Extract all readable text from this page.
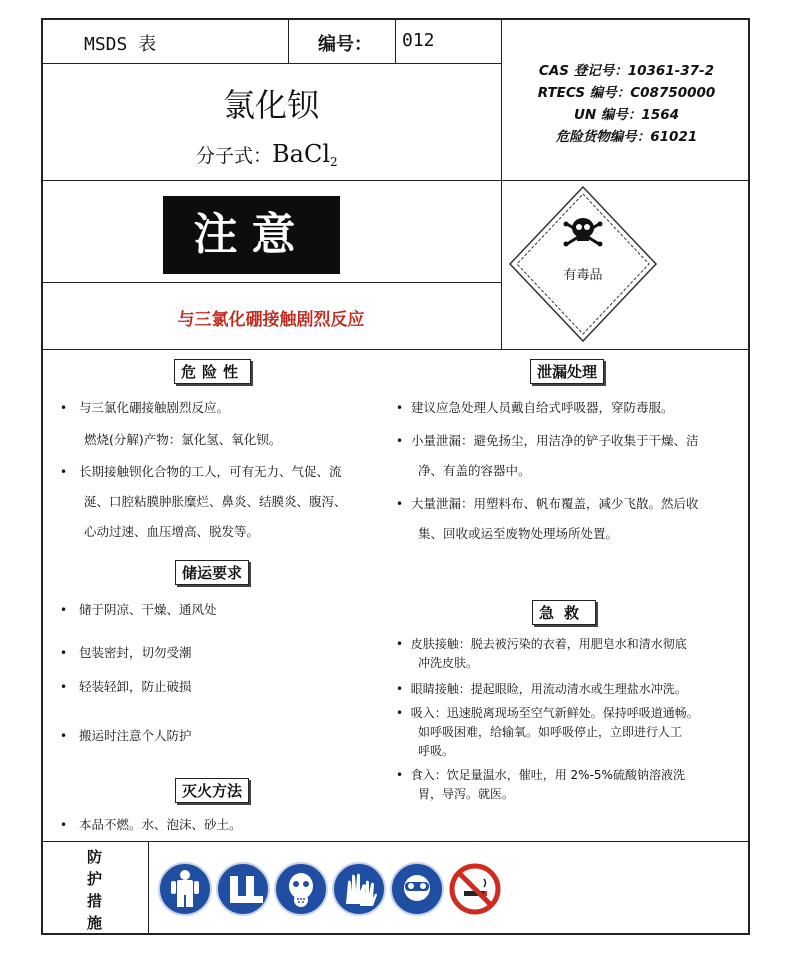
MSDS 表	编号： 012
氯化钡
分子式：BaCl$_2$
CAS 登记号：10361-37-2
RTECS 编号：C08750000
UN 编号：1564
危险货物编号：61021
注意
与三氯化硼接触剧烈反应
有毒品
危险性	泄漏处理
储运要求
急救
灭火方法
• 与三氯化硼接触剧烈反应。
燃烧(分解)产物：氯化氢、氧化钡。
• 长期接触钡化合物的工人，可有无力、气促、流
涎、口腔粘膜肿胀糜烂、鼻炎、结膜炎、腹泻、
心动过速、血压增高、脱发等。
• 储于阴凉、干燥、通风处
• 包装密封，切勿受潮
• 轻装轻卸，防止破损
• 搬运时注意个人防护
• 本品不燃。水、泡沫、砂土。
• 建议应急处理人员戴自给式呼吸器，穿防毒服。
• 小量泄漏：避免扬尘，用洁净的铲子收集于干燥、洁
净、有盖的容器中。
• 大量泄漏：用塑料布、帆布覆盖，减少飞散。然后收
集、回收或运至废物处理场所处置。
• 皮肤接触：脱去被污染的衣着，用肥皂水和清水彻底
冲洗皮肤。
• 眼睛接触：提起眼睑，用流动清水或生理盐水冲洗。
• 吸入：迅速脱离现场至空气新鲜处。保持呼吸道通畅。
如呼吸困难，给输氧。如呼吸停止，立即进行人工
呼吸。
• 食入：饮足量温水，催吐，用 2%-5%硫酸钠溶液洗
胃，导泻。就医。
防
护
措
施
